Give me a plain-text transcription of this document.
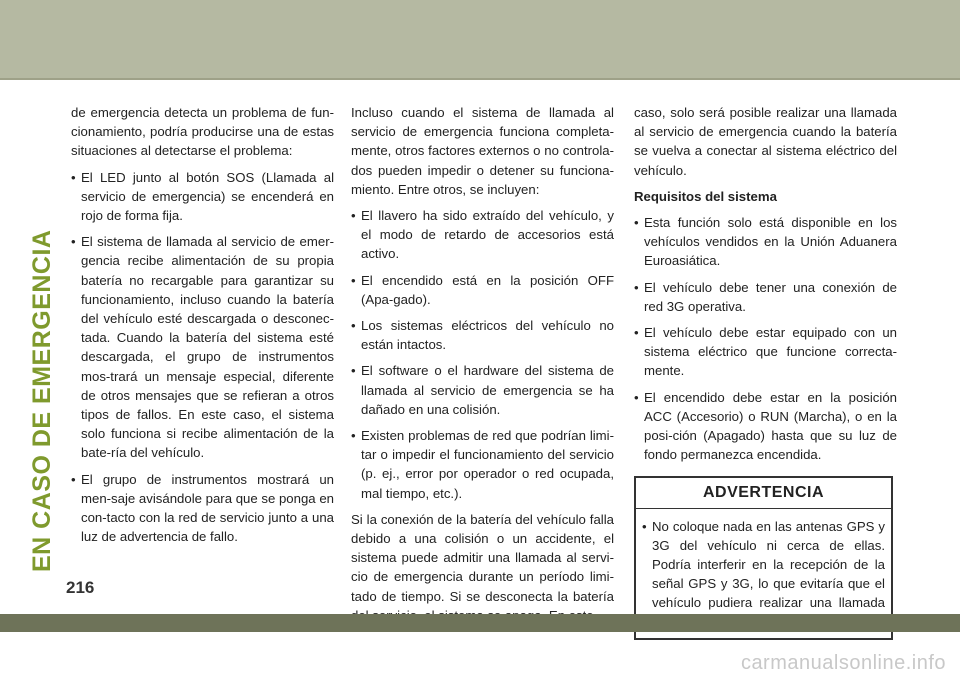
EN CASO DE EMERGENCIA

de emergencia detecta un problema de fun-cionamiento, podría producirse una de estas situaciones al detectarse el problema:

• El LED junto al botón SOS (Llamada al servicio de emergencia) se encenderá en rojo de forma fija.
• El sistema de llamada al servicio de emer-gencia recibe alimentación de su propia batería no recargable para garantizar su funcionamiento, incluso cuando la batería del vehículo esté descargada o desconec-tada. Cuando la batería del sistema esté descargada, el grupo de instrumentos mos-trará un mensaje especial, diferente de otros mensajes que se refieran a otros tipos de fallos. En este caso, el sistema solo funciona si recibe alimentación de la bate-ría del vehículo.
• El grupo de instrumentos mostrará un men-saje avisándole para que se ponga en con-tacto con la red de servicio junto a una luz de advertencia de fallo.

Incluso cuando el sistema de llamada al servicio de emergencia funciona completa-mente, otros factores externos o no controla-dos pueden impedir o detener su funciona-miento. Entre otros, se incluyen:

• El llavero ha sido extraído del vehículo, y el modo de retardo de accesorios está activo.
• El encendido está en la posición OFF (Apa-gado).
• Los sistemas eléctricos del vehículo no están intactos.
• El software o el hardware del sistema de llamada al servicio de emergencia se ha dañado en una colisión.
• Existen problemas de red que podrían limi-tar o impedir el funcionamiento del servicio (p. ej., error por operador o red ocupada, mal tiempo, etc.).

Si la conexión de la batería del vehículo falla debido a una colisión o un accidente, el sistema puede admitir una llamada al servi-cio de emergencia durante un período limi-tado de tiempo. Si se desconecta la batería

caso, solo será posible realizar una llamada al servicio de emergencia cuando la batería se vuelva a conectar al sistema eléctrico del vehículo.

Requisitos del sistema
• Esta función solo está disponible en los vehículos vendidos en la Unión Aduanera Euroasiática.
• El vehículo debe tener una conexión de red 3G operativa.
• El vehículo debe estar equipado con un sistema eléctrico que funcione correcta-mente.
• El encendido debe estar en la posición ACC (Accesorio) o RUN (Marcha), o en la posi-ción (Apagado) hasta que su luz de fondo permanezca encendida.
ADVERTENCIA
• No coloque nada en las antenas GPS y 3G del vehículo ni cerca de ellas. Podría interferir en la recepción de la señal GPS y 3G, lo que evitaría que el vehículo pudiera realizar una llamada
216
carmanualsonline.info
